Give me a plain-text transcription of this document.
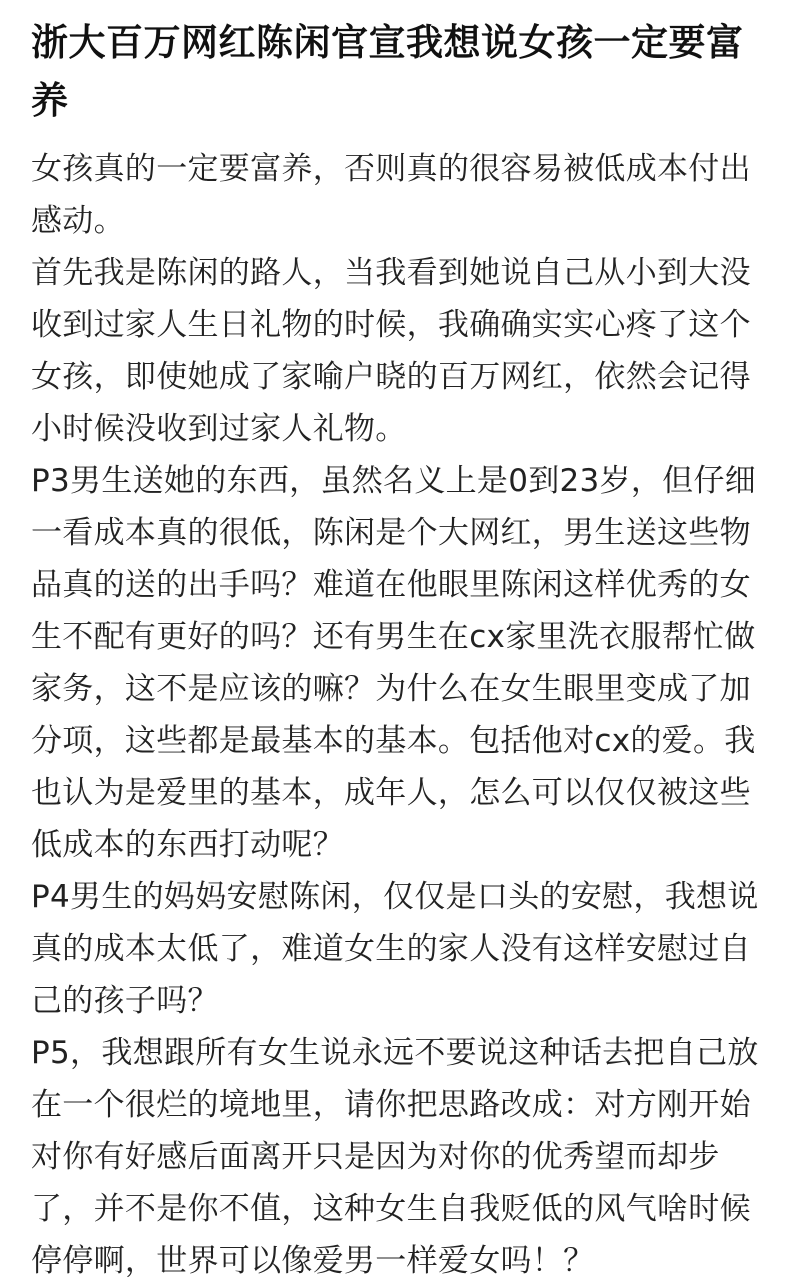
浙大百万网红陈闲官宣我想说女孩一定要富养

女孩真的一定要富养，否则真的很容易被低成本付出感动。

首先我是陈闲的路人，当我看到她说自己从小到大没收到过家人生日礼物的时候，我确确实实心疼了这个女孩，即使她成了家喻户晓的百万网红，依然会记得小时候没收到过家人礼物。

P3男生送她的东西，虽然名义上是0到23岁，但仔细一看成本真的很低，陈闲是个大网红，男生送这些物品真的送的出手吗？难道在他眼里陈闲这样优秀的女生不配有更好的吗？还有男生在cx家里洗衣服帮忙做家务，这不是应该的嘛？为什么在女生眼里变成了加分项，这些都是最基本的基本。包括他对cx的爱。我也认为是爱里的基本，成年人，怎么可以仅仅被这些低成本的东西打动呢？

P4男生的妈妈安慰陈闲，仅仅是口头的安慰，我想说真的成本太低了，难道女生的家人没有这样安慰过自己的孩子吗？

P5，我想跟所有女生说永远不要说这种话去把自己放在一个很烂的境地里，请你把思路改成：对方刚开始对你有好感后面离开只是因为对你的优秀望而却步了，并不是你不值，这种女生自我贬低的风气啥时候停停啊，世界可以像爱男一样爱女吗！？
